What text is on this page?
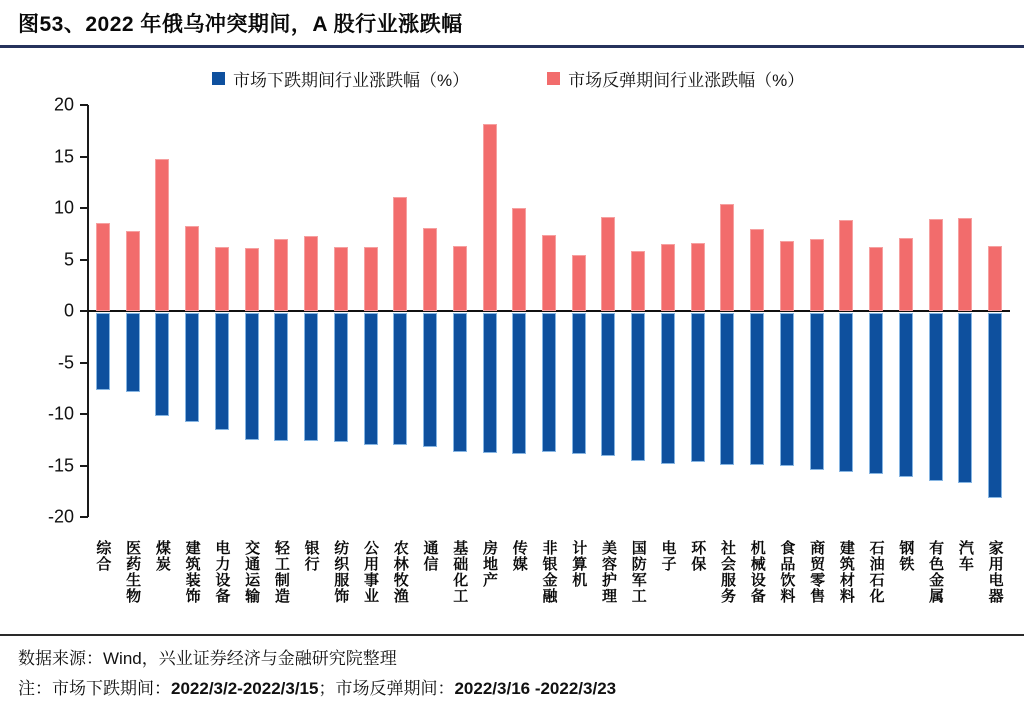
图53、2022 年俄乌冲突期间，A 股行业涨跌幅
市场下跌期间行业涨跌幅（%）	市场反弹期间行业涨跌幅（%）
20
15
10
5
0
-5
-10
-15
-20
综合 医药生物 煤炭 建筑装饰 电力设备 交通运输 轻工制造 银行 纺织服饰 公用事业 农林牧渔 通信 基础化工 房地产 传媒 非银金融 计算机 美容护理 国防军工 电子 环保 社会服务 机械设备 食品饮料 商贸零售 建筑材料 石油石化 钢铁 有色金属 汽车 家用电器
数据来源：Wind，兴业证券经济与金融研究院整理
注：市场下跌期间：2022/3/2-2022/3/15；市场反弹期间：2022/3/16 -2022/3/23
